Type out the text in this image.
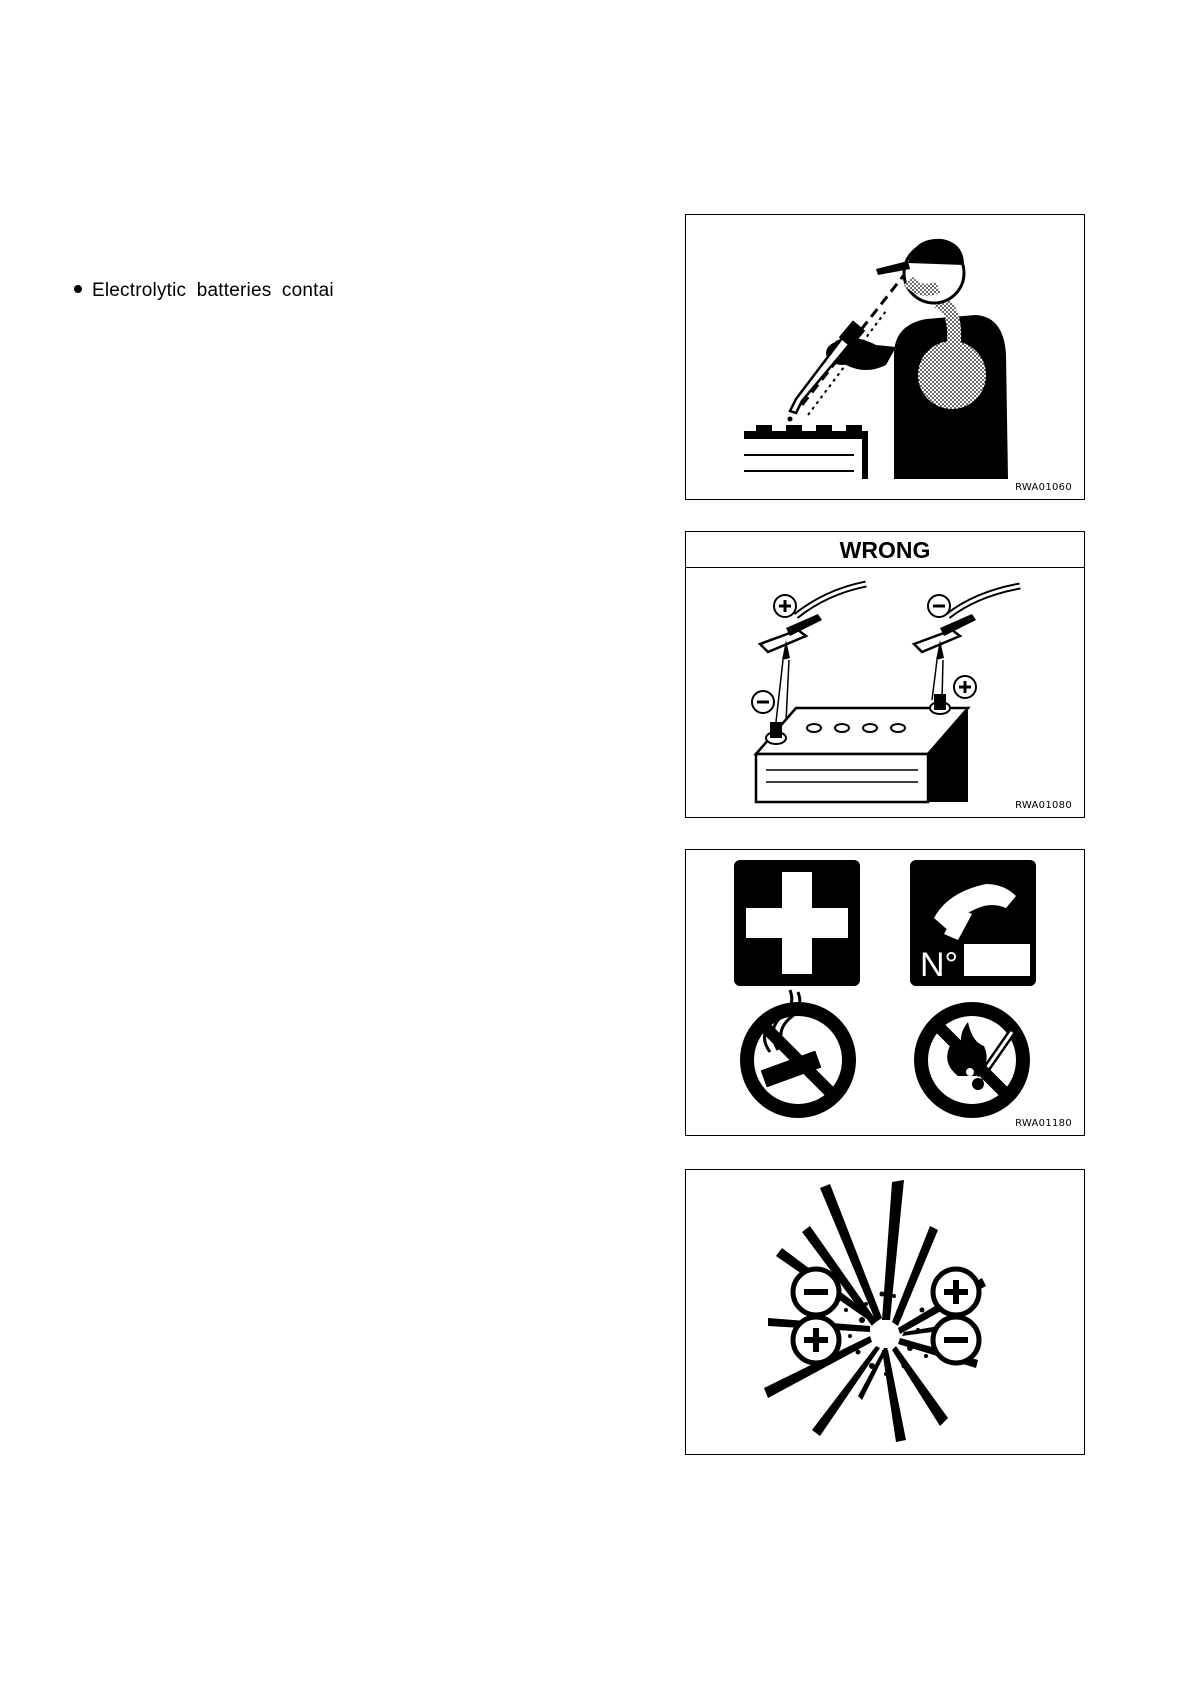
Electrolytic batteries contai
RWA01060
WRONG
RWA01080
N°
RWA01180
